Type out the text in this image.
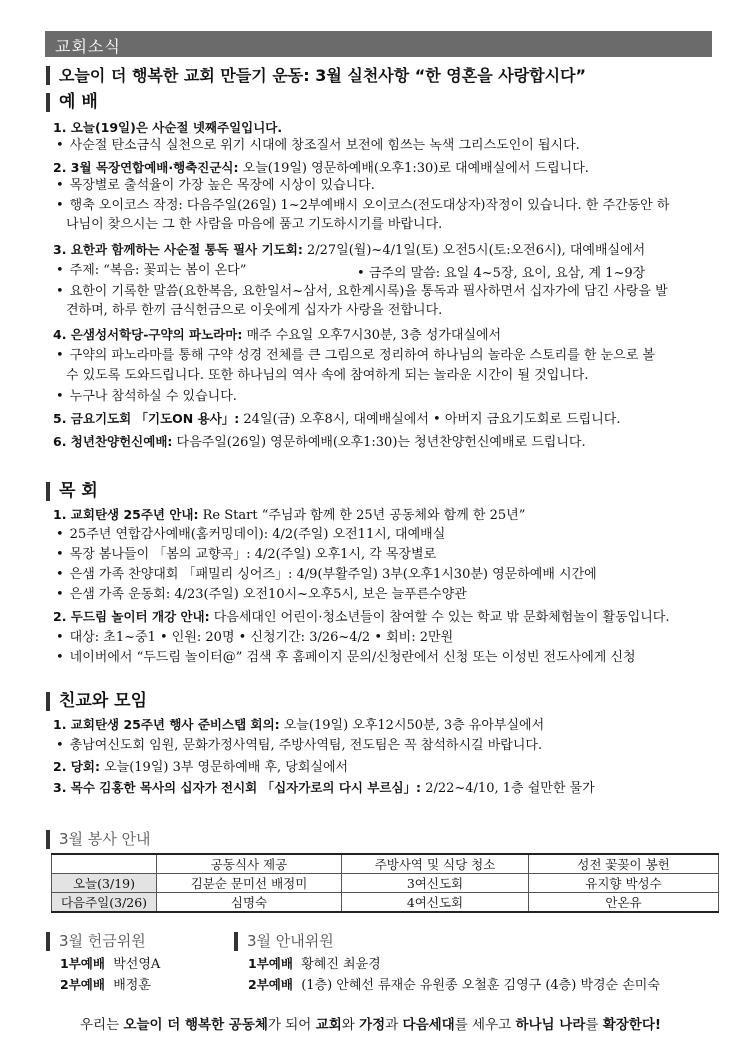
교회소식
오늘이 더 행복한 교회 만들기 운동: 3월 실천사항 “한 영혼을 사랑합시다”
예 배
1. 오늘(19일)은 사순절 넷째주일입니다.
• 사순절 탄소금식 실천으로 위기 시대에 창조질서 보전에 힘쓰는 녹색 그리스도인이 됩시다.
2. 3월 목장연합예배·행축진군식: 오늘(19일) 영문하예배(오후1:30)로 대예배실에서 드립니다.
• 목장별로 출석율이 가장 높은 목장에 시상이 있습니다.
• 행축 오이코스 작정: 다음주일(26일) 1~2부예배시 오이코스(전도대상자)작정이 있습니다. 한 주간동안 하
나님이 찾으시는 그 한 사람을 마음에 품고 기도하시기를 바랍니다.
3. 요한과 함께하는 사순절 통독 필사 기도회: 2/27일(월)~4/1일(토) 오전5시(토:오전6시), 대예배실에서
• 주제: “복음: 꽃피는 봄이 온다”	• 금주의 말씀: 요일 4~5장, 요이, 요삼, 계 1~9장
• 요한이 기록한 말씀(요한복음, 요한일서~삼서, 요한계시록)을 통독과 필사하면서 십자가에 담긴 사랑을 발
견하며, 하루 한끼 금식헌금으로 이웃에게 십자가 사랑을 전합니다.
4. 은샘성서학당-구약의 파노라마: 매주 수요일 오후7시30분, 3층 성가대실에서
• 구약의 파노라마를 통해 구약 성경 전체를 큰 그림으로 정리하여 하나님의 놀라운 스토리를 한 눈으로 볼
수 있도록 도와드립니다. 또한 하나님의 역사 속에 참여하게 되는 놀라운 시간이 될 것입니다.
• 누구나 참석하실 수 있습니다.
5. 금요기도회 「기도ON 용사」: 24일(금) 오후8시, 대예배실에서 • 아버지 금요기도회로 드립니다.
6. 청년찬양헌신예배: 다음주일(26일) 영문하예배(오후1:30)는 청년찬양헌신예배로 드립니다.
목 회
1. 교회탄생 25주년 안내: Re Start “주님과 함께 한 25년 공동체와 함께 한 25년”
• 25주년 연합감사예배(홈커밍데이): 4/2(주일) 오전11시, 대예배실
• 목장 봄나들이 「봄의 교향곡」: 4/2(주일) 오후1시, 각 목장별로
• 은샘 가족 찬양대회 「패밀리 싱어즈」: 4/9(부활주일) 3부(오후1시30분) 영문하예배 시간에
• 은샘 가족 운동회: 4/23(주일) 오전10시~오후5시, 보은 늘푸른수양관
2. 두드림 놀이터 개강 안내: 다음세대인 어린이·청소년들이 참여할 수 있는 학교 밖 문화체험놀이 활동입니다.
• 대상: 초1~중1 • 인원: 20명 • 신청기간: 3/26~4/2 • 회비: 2만원
• 네이버에서 “두드림 놀이터@” 검색 후 홈페이지 문의/신청란에서 신청 또는 이성빈 전도사에게 신청
친교와 모임
1. 교회탄생 25주년 행사 준비스탭 회의: 오늘(19일) 오후12시50분, 3층 유아부실에서
• 총남여신도회 임원, 문화가정사역팀, 주방사역팀, 전도팀은 꼭 참석하시길 바랍니다.
2. 당회: 오늘(19일) 3부 영문하예배 후, 당회실에서
3. 목수 김홍한 목사의 십자가 전시회 「십자가로의 다시 부르심」: 2/22~4/10, 1층 쉴만한 물가
3월 봉사 안내
	공동식사 제공	주방사역 및 식당 청소	성전 꽃꽂이 봉헌
오늘(3/19)	김분순 문미선 배정미	3여신도회	유지향 박성수
다음주일(3/26)	심명숙	4여신도회	안온유
3월 헌금위원
1부예배 박선영A
2부예배 배정훈
3월 안내위원
1부예배 황혜진 최윤경
2부예배 (1층) 안혜선 류재순 유원종 오철훈 김영구 (4층) 박경순 손미숙
우리는 오늘이 더 행복한 공동체가 되어 교회와 가정과 다음세대를 세우고 하나님 나라를 확장한다!
